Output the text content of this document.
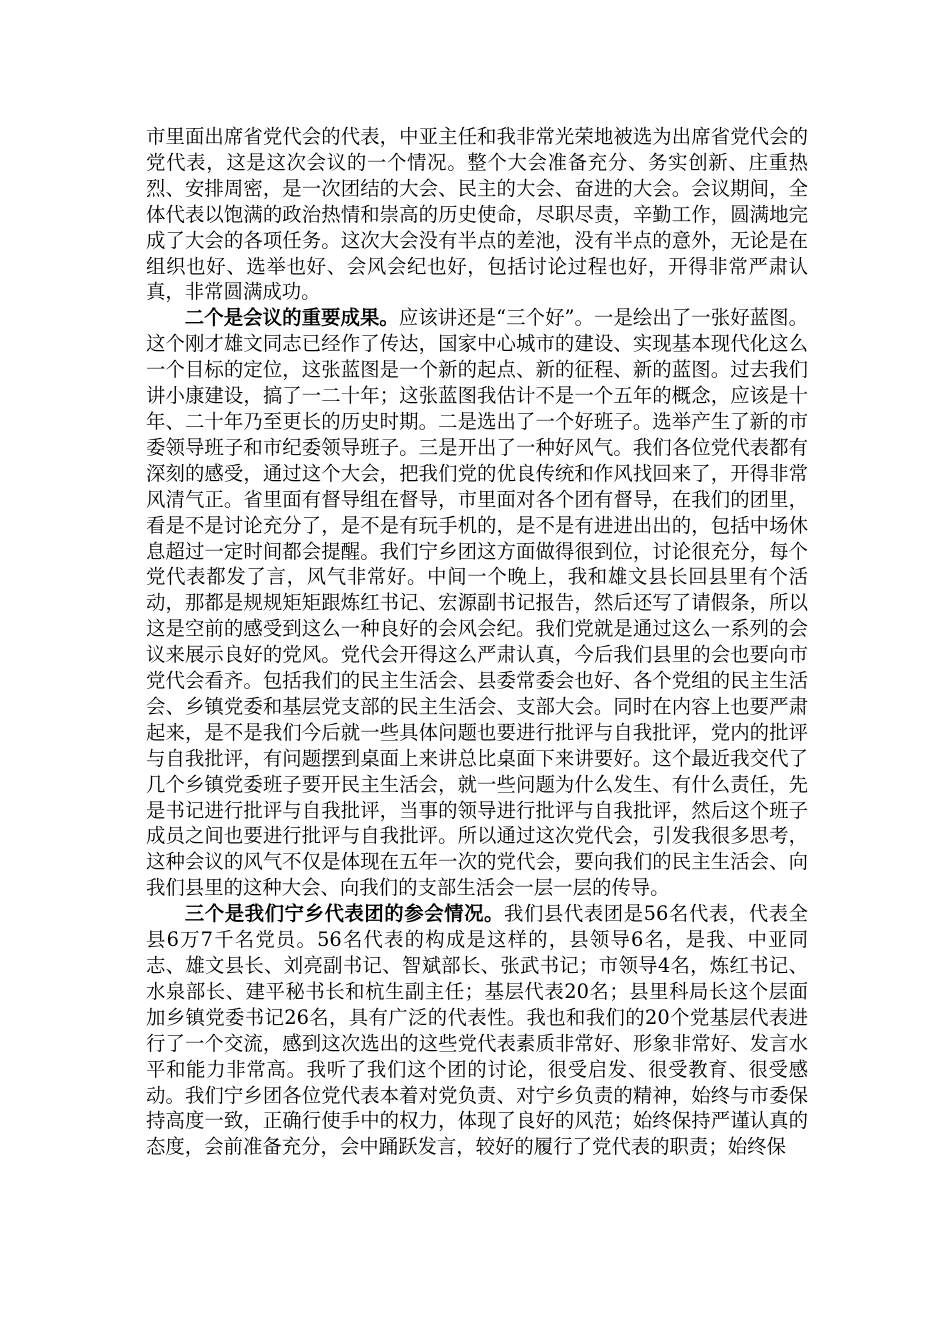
市里面出席省党代会的代表，中亚主任和我非常光荣地被选为出席省党代会的党代表，这是这次会议的一个情况。整个大会准备充分、务实创新、庄重热烈、安排周密，是一次团结的大会、民主的大会、奋进的大会。会议期间，全体代表以饱满的政治热情和崇高的历史使命，尽职尽责，辛勤工作，圆满地完成了大会的各项任务。这次大会没有半点的差池，没有半点的意外，无论是在组织也好、选举也好、会风会纪也好，包括讨论过程也好，开得非常严肃认真，非常圆满成功。

二个是会议的重要成果。应该讲还是“三个好”。一是绘出了一张好蓝图。这个刚才雄文同志已经作了传达，国家中心城市的建设、实现基本现代化这么一个目标的定位，这张蓝图是一个新的起点、新的征程、新的蓝图。过去我们讲小康建设，搞了一二十年；这张蓝图我估计不是一个五年的概念，应该是十年、二十年乃至更长的历史时期。二是选出了一个好班子。选举产生了新的市委领导班子和市纪委领导班子。三是开出了一种好风气。我们各位党代表都有深刻的感受，通过这个大会，把我们党的优良传统和作风找回来了，开得非常风清气正。省里面有督导组在督导，市里面对各个团有督导，在我们的团里，看是不是讨论充分了，是不是有玩手机的，是不是有进进出出的，包括中场休息超过一定时间都会提醒。我们宁乡团这方面做得很到位，讨论很充分，每个党代表都发了言，风气非常好。中间一个晚上，我和雄文县长回县里有个活动，那都是规规矩矩跟炼红书记、宏源副书记报告，然后还写了请假条，所以这是空前的感受到这么一种良好的会风会纪。我们党就是通过这么一系列的会议来展示良好的党风。党代会开得这么严肃认真，今后我们县里的会也要向市党代会看齐。包括我们的民主生活会、县委常委会也好、各个党组的民主生活会、乡镇党委和基层党支部的民主生活会、支部大会。同时在内容上也要严肃起来，是不是我们今后就一些具体问题也要进行批评与自我批评，党内的批评与自我批评，有问题摆到桌面上来讲总比桌面下来讲要好。这个最近我交代了几个乡镇党委班子要开民主生活会，就一些问题为什么发生、有什么责任，先是书记进行批评与自我批评，当事的领导进行批评与自我批评，然后这个班子成员之间也要进行批评与自我批评。所以通过这次党代会，引发我很多思考，这种会议的风气不仅是体现在五年一次的党代会，要向我们的民主生活会、向我们县里的这种大会、向我们的支部生活会一层一层的传导。

三个是我们宁乡代表团的参会情况。我们县代表团是56名代表，代表全县6万7千名党员。56名代表的构成是这样的，县领导6名，是我、中亚同志、雄文县长、刘亮副书记、智斌部长、张武书记；市领导4名，炼红书记、水泉部长、建平秘书长和杭生副主任；基层代表20名；县里科局长这个层面加乡镇党委书记26名，具有广泛的代表性。我也和我们的20个党基层代表进行了一个交流，感到这次选出的这些党代表素质非常好、形象非常好、发言水平和能力非常高。我听了我们这个团的讨论，很受启发、很受教育、很受感动。我们宁乡团各位党代表本着对党负责、对宁乡负责的精神，始终与市委保持高度一致，正确行使手中的权力，体现了良好的风范；始终保持严谨认真的态度，会前准备充分，会中踊跃发言，较好的履行了党代表的职责；始终保
